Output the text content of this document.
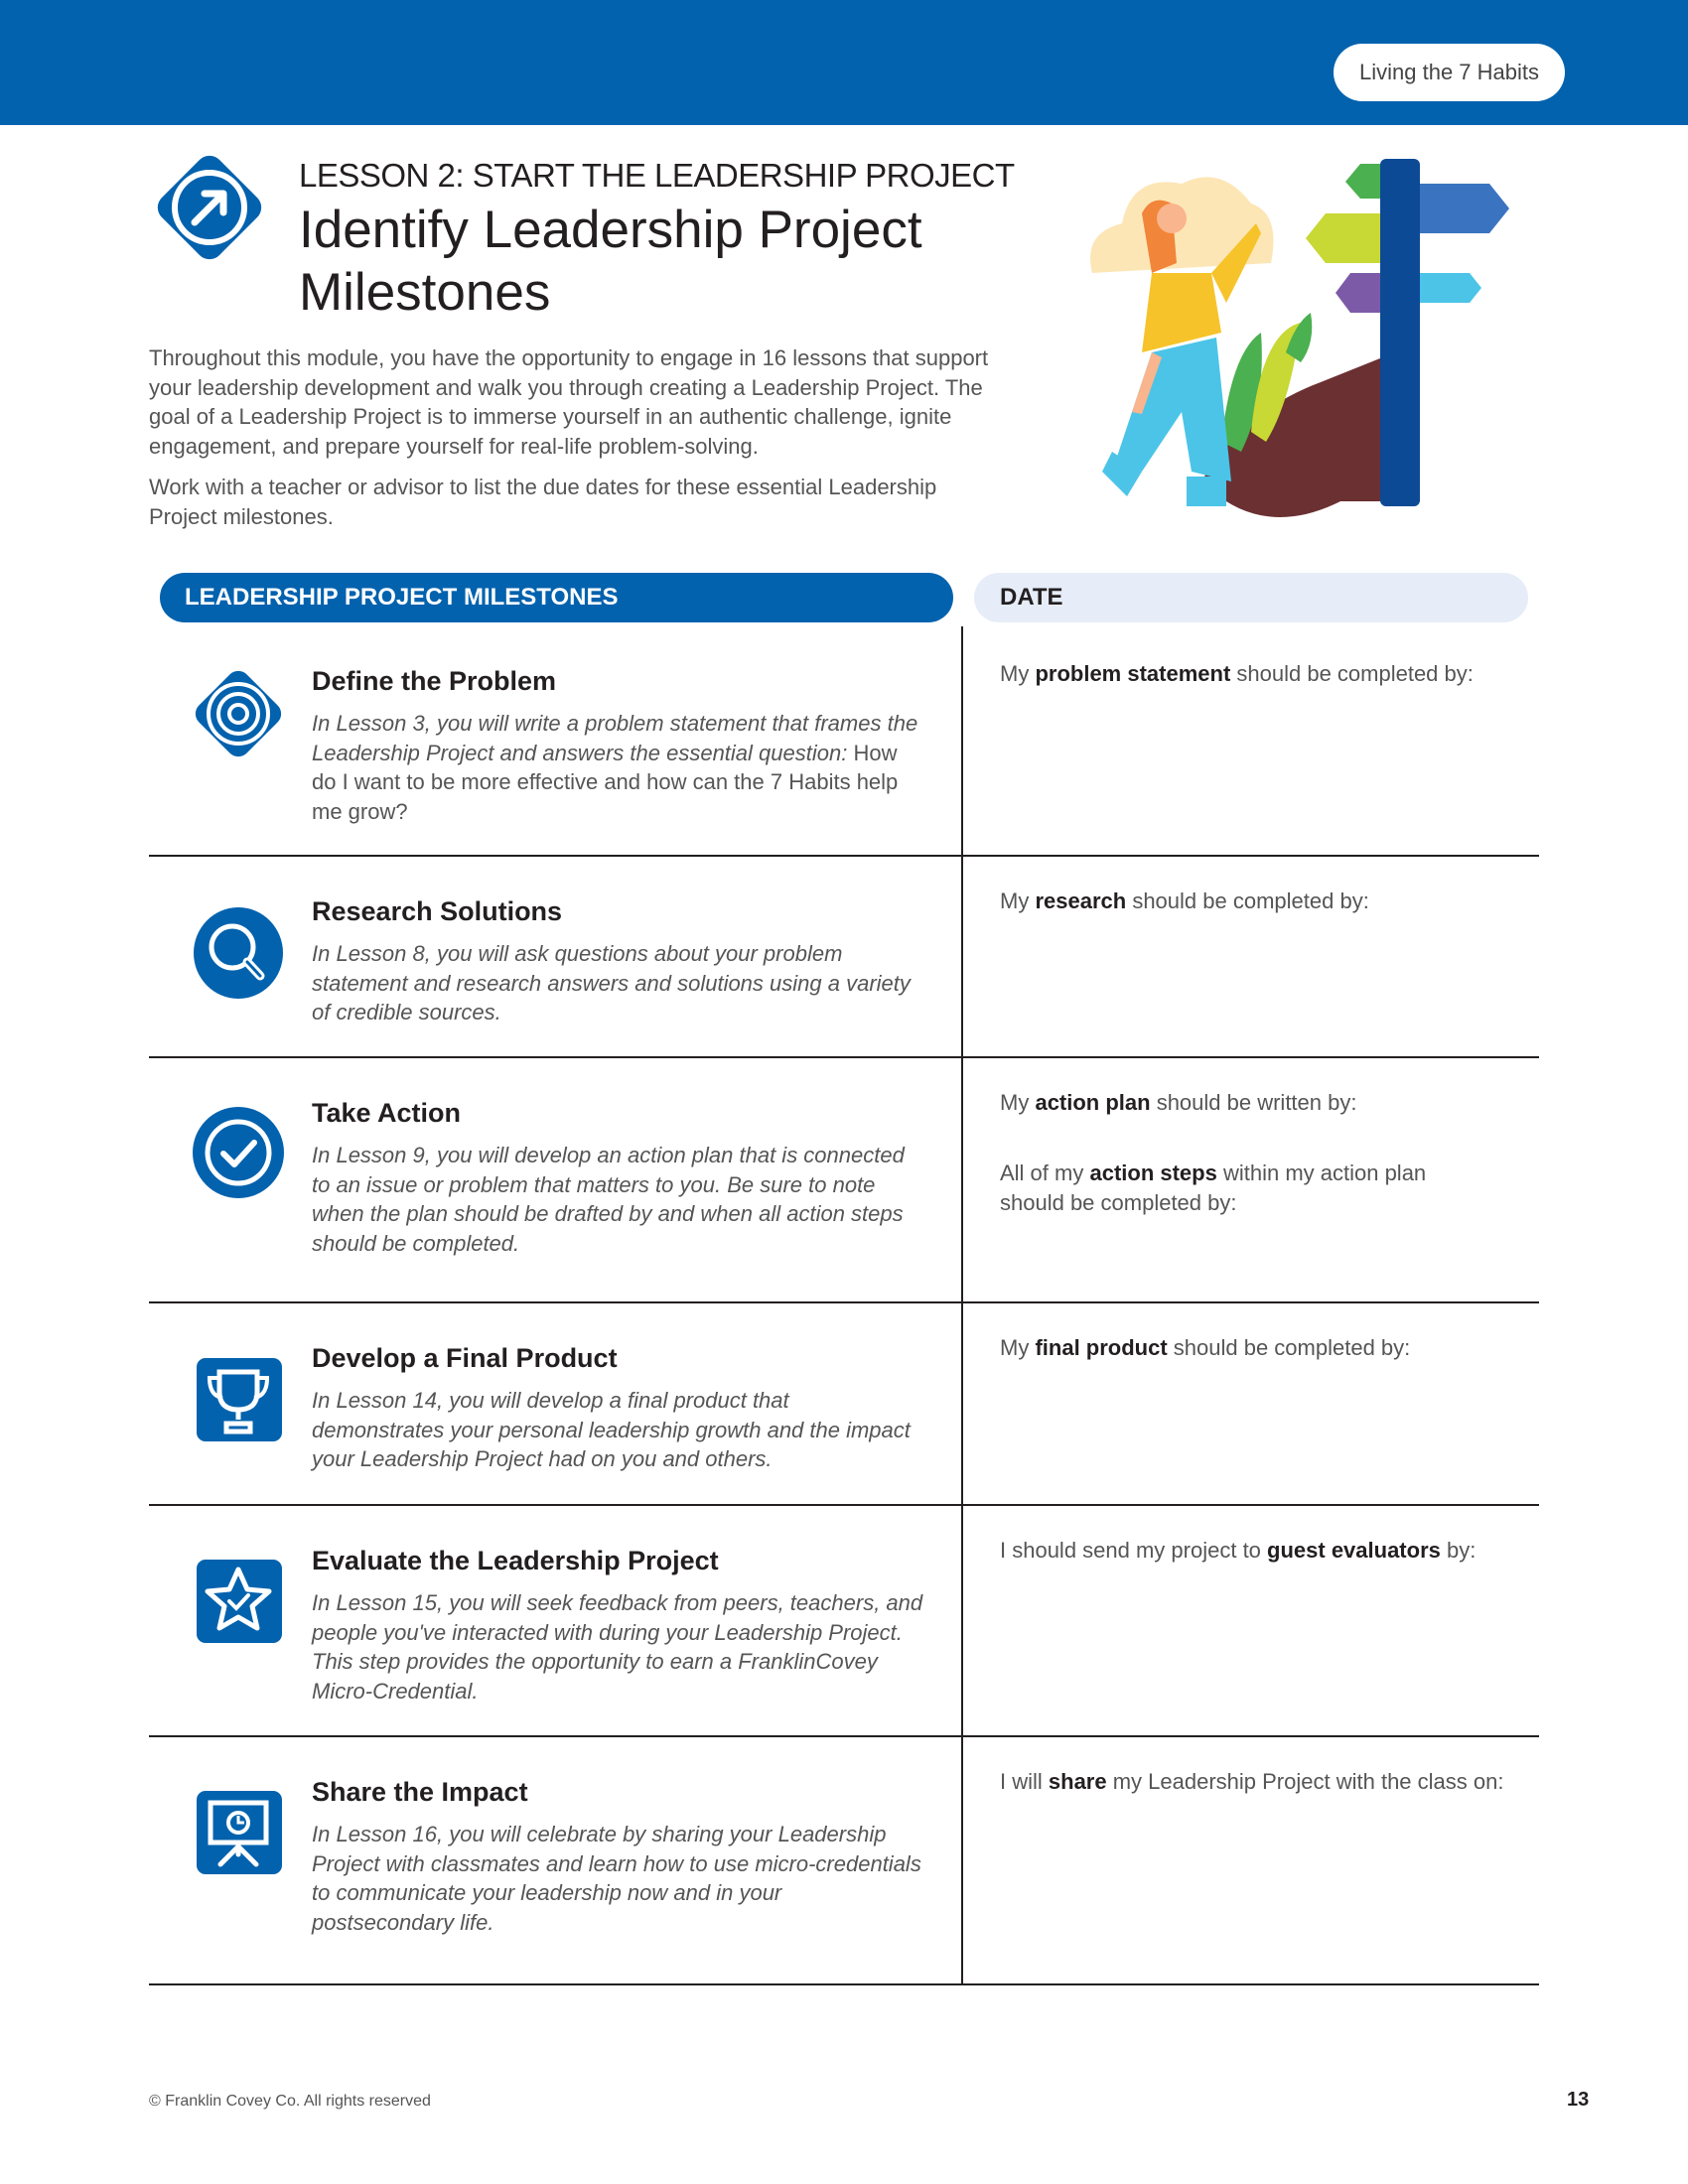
Living the 7 Habits
LESSON 2: START THE LEADERSHIP PROJECT
Identify Leadership Project Milestones

Throughout this module, you have the opportunity to engage in 16 lessons that support your leadership development and walk you through creating a Leadership Project. The goal of a Leadership Project is to immerse yourself in an authentic challenge, ignite engagement, and prepare yourself for real-life problem-solving.

Work with a teacher or advisor to list the due dates for these essential Leadership Project milestones.

LEADERSHIP PROJECT MILESTONES	DATE
Define the Problem
In Lesson 3, you will write a problem statement that frames the Leadership Project and answers the essential question: How do I want to be more effective and how can the 7 Habits help me grow?
My problem statement should be completed by:
Research Solutions
In Lesson 8, you will ask questions about your problem statement and research answers and solutions using a variety of credible sources.
My research should be completed by:
Take Action
In Lesson 9, you will develop an action plan that is connected to an issue or problem that matters to you. Be sure to note when the plan should be drafted by and when all action steps should be completed.
My action plan should be written by:
All of my action steps within my action plan should be completed by:
Develop a Final Product
In Lesson 14, you will develop a final product that demonstrates your personal leadership growth and the impact your Leadership Project had on you and others.
My final product should be completed by:
Evaluate the Leadership Project
In Lesson 15, you will seek feedback from peers, teachers, and people you've interacted with during your Leadership Project. This step provides the opportunity to earn a FranklinCovey Micro-Credential.
I should send my project to guest evaluators by:
Share the Impact
In Lesson 16, you will celebrate by sharing your Leadership Project with classmates and learn how to use micro-credentials to communicate your leadership now and in your postsecondary life.
I will share my Leadership Project with the class on:
© Franklin Covey Co. All rights reserved	13
